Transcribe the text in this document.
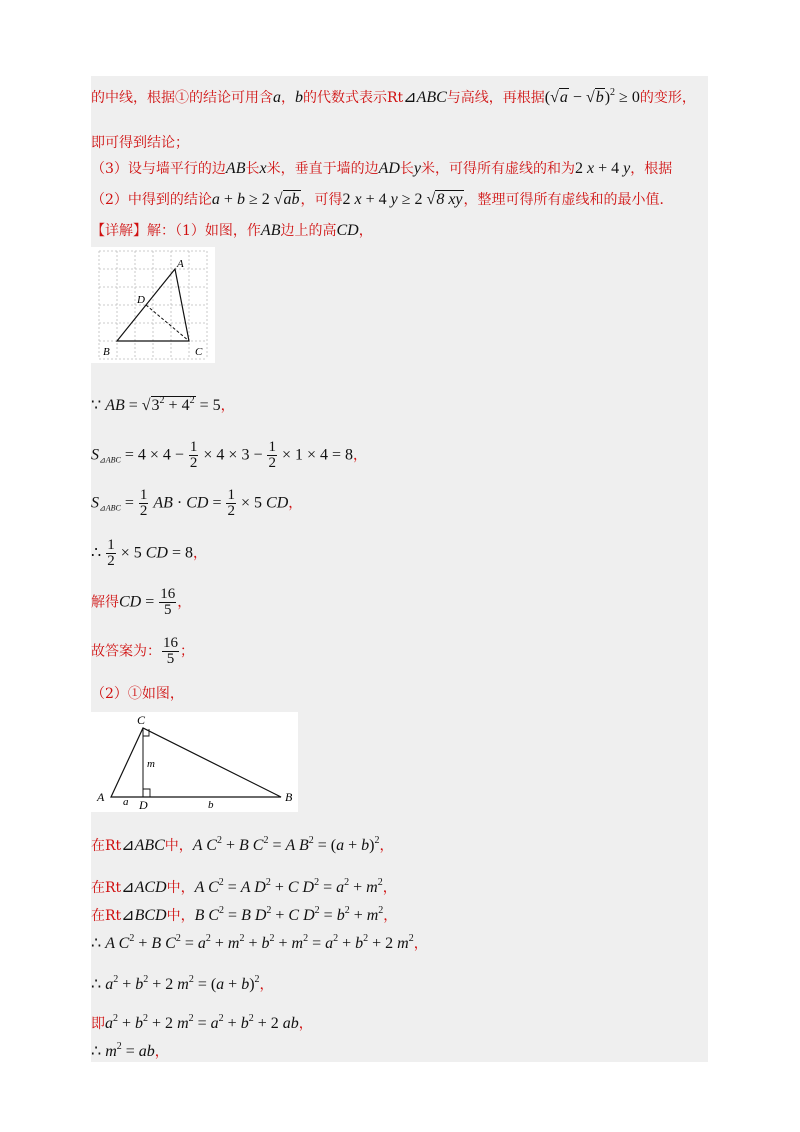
的中线，根据①的结论可用含a，b的代数式表示Rt⊿ABC与高线，再根据$(√a - √b)^2 \ge 0$的变形，
即可得到结论；
（3）设与墙平行的边AB长x米，垂直于墙的边AD长y米，可得所有虚线的和为2 x + 4 y，根据
（2）中得到的结论a + b ≥ 2 √ab，可得2 x + 4 y ≥ 2 √8 xy，整理可得所有虚线和的最小值．
【详解】解：（1）如图，作AB边上的高CD，
A
B	C
D
∵ AB = $√3^2 + 4^2 = 5$，
$S_{⊿ABC} = 4 \times 4 - \frac{1}{2} \times 4 \times 3 - \frac{1}{2} \times 1 \times 4 = 8$，
$S_{⊿ABC} = \frac{1}{2}$ AB · CD = $\frac{1}{2} \times 5$ CD，
∴ $\frac{1}{2} \times 5$ CD = 8，
解得CD = $\frac{16}{5}$ ，
故答案为： $\frac{16}{5}$ ；
（2）①如图，
C
A	B
D
m
a	b
在Rt⊿ABC中，A $C^2 + B$ $C^2 = A$ $B^2 = (a + b)^2$，
在Rt⊿ACD中，A $C^2 = A$ $D^2 + C$ $D^2 = a^2 + m^2$，
在Rt⊿BCD中，B $C^2 = B$ $D^2 + C$ $D^2 = b^2 + m^2$，
∴ A $C^2 + B$ $C^2 = a^2 + m^2 + b^2 + m^2 = a^2 + b^2 + 2$ $m^2$，
∴ $a^2 + b^2 + 2$ $m^2 = (a + b)^2$，
即$a^2 + b^2 + 2$ $m^2 = a^2 + b^2 + 2$ ab，
∴ $m^2$ = ab，
